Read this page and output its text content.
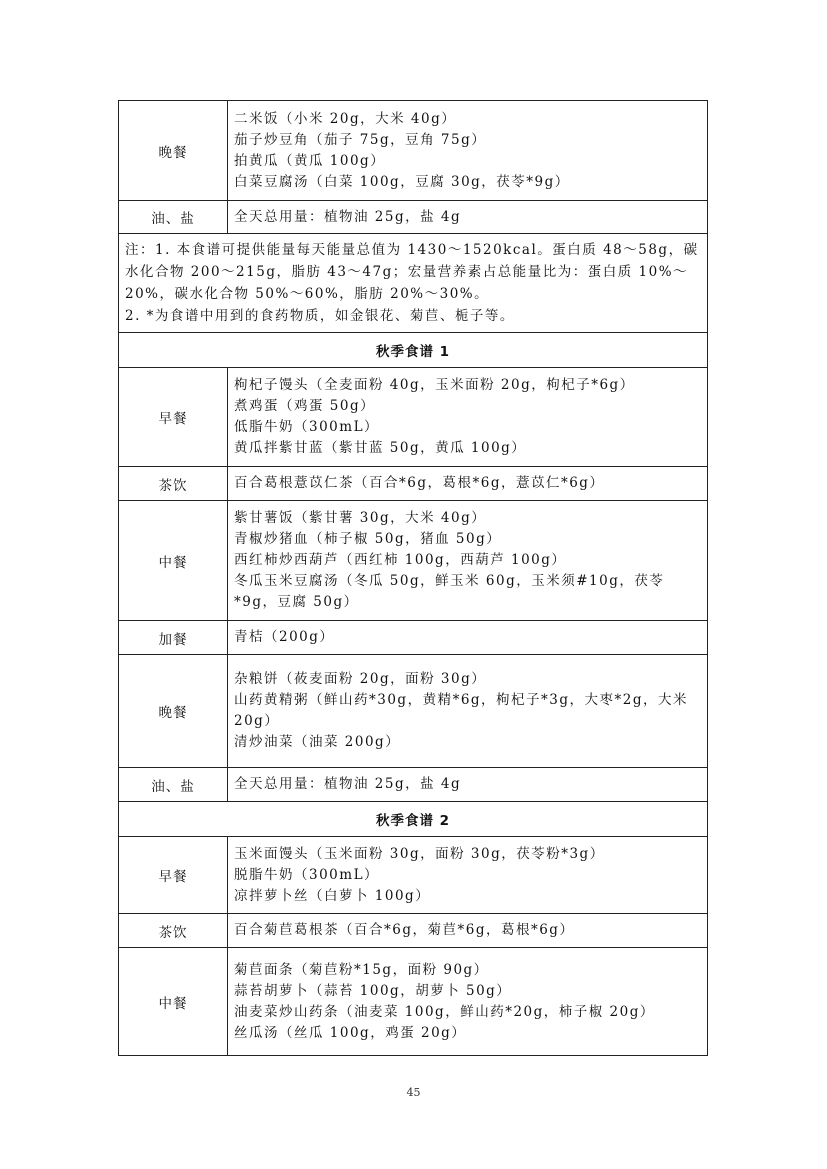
晚餐	二米饭（小米 20g，大米 40g）
茄子炒豆角（茄子 75g，豆角 75g）
拍黄瓜（黄瓜 100g）
白菜豆腐汤（白菜 100g，豆腐 30g，茯苓*9g）

油、盐	全天总用量：植物油 25g，盐 4g

注：1. 本食谱可提供能量每天能量总值为 1430～1520kcal。蛋白质 48～58g，碳水化合物 200～215g，脂肪 43～47g；宏量营养素占总能量比为：蛋白质 10%～20%，碳水化合物 50%～60%，脂肪 20%～30%。
2. *为食谱中用到的食药物质，如金银花、菊苣、栀子等。	

秋季食谱 1	
早餐	枸杞子馒头（全麦面粉 40g，玉米面粉 20g，枸杞子*6g）
煮鸡蛋（鸡蛋 50g）
低脂牛奶（300mL）
黄瓜拌紫甘蓝（紫甘蓝 50g，黄瓜 100g）

茶饮	百合葛根薏苡仁茶（百合*6g，葛根*6g，薏苡仁*6g）

中餐	紫甘薯饭（紫甘薯 30g，大米 40g）
青椒炒猪血（柿子椒 50g，猪血 50g）
西红柿炒西葫芦（西红柿 100g，西葫芦 100g）
冬瓜玉米豆腐汤（冬瓜 50g，鲜玉米 60g，玉米须#10g，茯苓*9g，豆腐 50g）

加餐	青桔（200g）

晚餐	杂粮饼（莜麦面粉 20g，面粉 30g）
山药黄精粥（鲜山药*30g，黄精*6g，枸杞子*3g，大枣*2g，大米 20g）
清炒油菜（油菜 200g）

油、盐	全天总用量：植物油 25g，盐 4g

秋季食谱 2	
早餐	玉米面馒头（玉米面粉 30g，面粉 30g，茯苓粉*3g）
脱脂牛奶（300mL）
凉拌萝卜丝（白萝卜 100g）

茶饮	百合菊苣葛根茶（百合*6g，菊苣*6g，葛根*6g）

中餐	菊苣面条（菊苣粉*15g，面粉 90g）
蒜苔胡萝卜（蒜苔 100g，胡萝卜 50g）
油麦菜炒山药条（油麦菜 100g，鲜山药*20g，柿子椒 20g）
丝瓜汤（丝瓜 100g，鸡蛋 20g）
45
